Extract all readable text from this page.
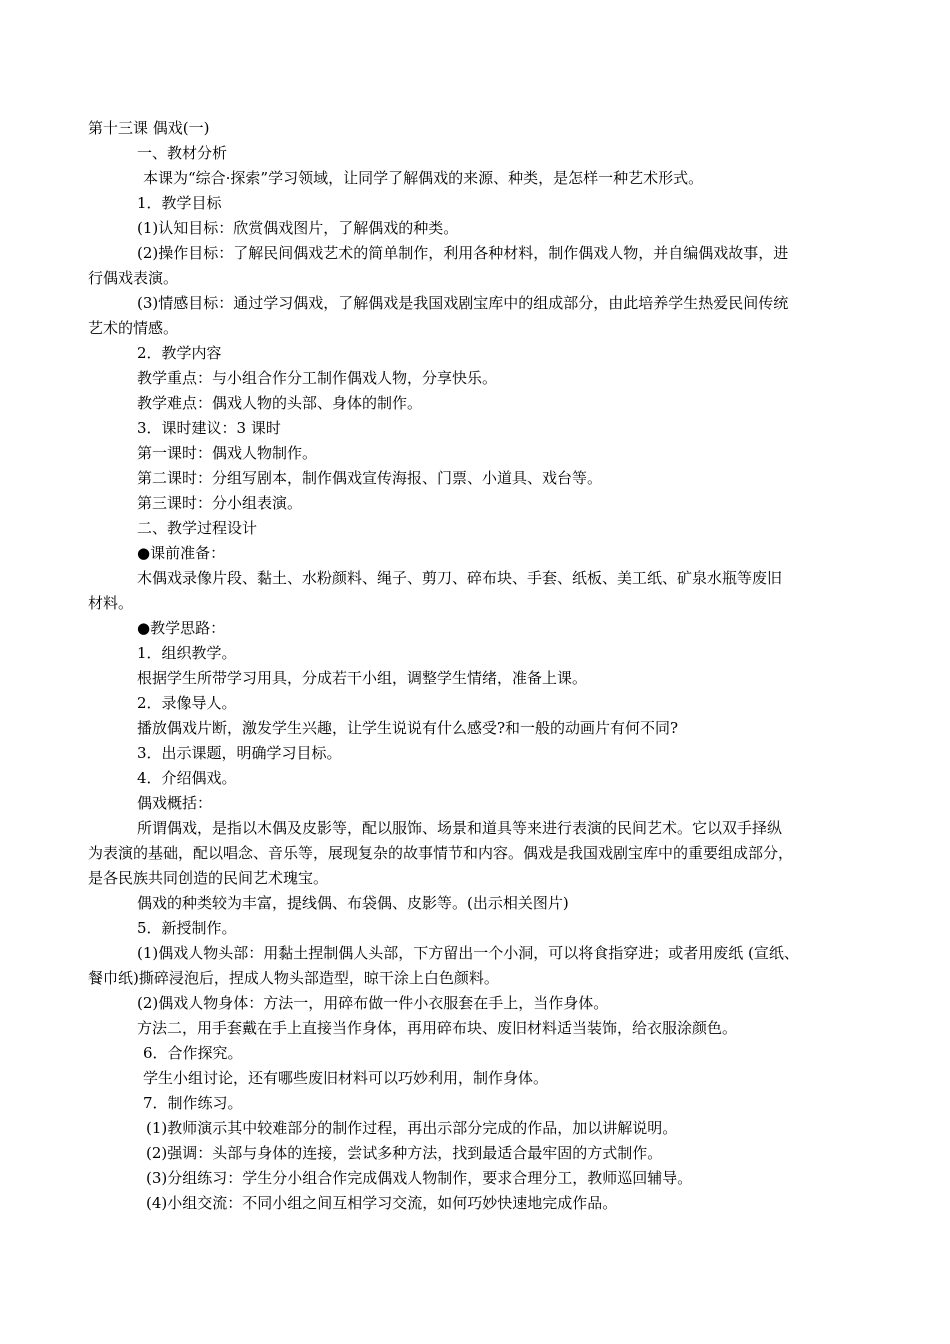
第十三课 偶戏(一)
一、教材分析
本课为“综合·探索”学习领域，让同学了解偶戏的来源、种类，是怎样一种艺术形式。
1．教学目标
(1)认知目标：欣赏偶戏图片，了解偶戏的种类。
(2)操作目标：了解民间偶戏艺术的简单制作，利用各种材料，制作偶戏人物，并自编偶戏故事，进
行偶戏表演。
(3)情感目标：通过学习偶戏，了解偶戏是我国戏剧宝库中的组成部分，由此培养学生热爱民间传统
艺术的情感。
2．教学内容
教学重点：与小组合作分工制作偶戏人物，分享快乐。
教学难点：偶戏人物的头部、身体的制作。
3．课时建议：3 课时
第一课时：偶戏人物制作。
第二课时：分组写剧本，制作偶戏宣传海报、门票、小道具、戏台等。
第三课时：分小组表演。
二、教学过程设计
●课前准备：
木偶戏录像片段、黏土、水粉颜料、绳子、剪刀、碎布块、手套、纸板、美工纸、矿泉水瓶等废旧
材料。
●教学思路：
1．组织教学。
根据学生所带学习用具，分成若干小组，调整学生情绪，准备上课。
2．录像导人。
播放偶戏片断，激发学生兴趣，让学生说说有什么感受?和一般的动画片有何不同?
3．出示课题，明确学习目标。
4．介绍偶戏。
偶戏概括：
所谓偶戏，是指以木偶及皮影等，配以服饰、场景和道具等来进行表演的民间艺术。它以双手择纵
为表演的基础，配以唱念、音乐等，展现复杂的故事情节和内容。偶戏是我国戏剧宝库中的重要组成部分，
是各民族共同创造的民间艺术瑰宝。
偶戏的种类较为丰富，提线偶、布袋偶、皮影等。(出示相关图片)
5．新授制作。
(1)偶戏人物头部：用黏土捏制偶人头部，下方留出一个小洞，可以将食指穿进；或者用废纸 (宣纸、
餐巾纸)撕碎浸泡后，捏成人物头部造型，晾干涂上白色颜料。
(2)偶戏人物身体：方法一，用碎布做一件小衣服套在手上，当作身体。
方法二，用手套戴在手上直接当作身体，再用碎布块、废旧材料适当装饰，给衣服涂颜色。
6．合作探究。
学生小组讨论，还有哪些废旧材料可以巧妙利用，制作身体。
7．制作练习。
(1)教师演示其中较难部分的制作过程，再出示部分完成的作品，加以讲解说明。
(2)强调：头部与身体的连接，尝试多种方法，找到最适合最牢固的方式制作。
(3)分组练习：学生分小组合作完成偶戏人物制作，要求合理分工，教师巡回辅导。
(4)小组交流：不同小组之间互相学习交流，如何巧妙快速地完成作品。
